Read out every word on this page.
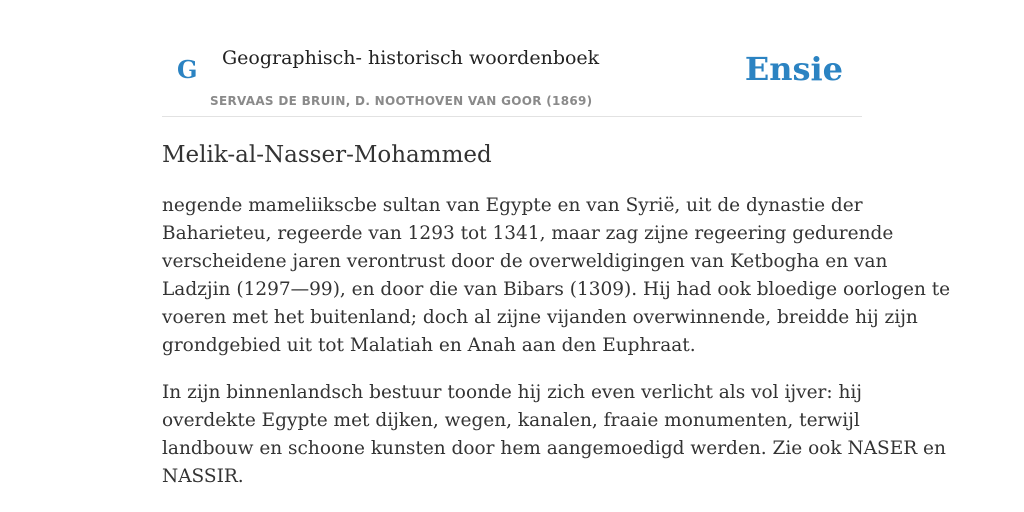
G Geographisch- historisch woordenboek
SERVAAS DE BRUIN, D. NOOTHOVEN VAN GOOR (1869)
Ensie
Melik-al-Nasser-Mohammed

negende mameliikscbe sultan van Egypte en van Syrië, uit de dynastie der
Baharieteu, regeerde van 1293 tot 1341, maar zag zijne regeering gedurende
verscheidene jaren verontrust door de overweldigingen van Ketbogha en van
Ladzjin (1297—99), en door die van Bibars (1309). Hij had ook bloedige oorlogen te
voeren met het buitenland; doch al zijne vijanden overwinnende, breidde hij zijn
grondgebied uit tot Malatiah en Anah aan den Euphraat.

In zijn binnenlandsch bestuur toonde hij zich even verlicht als vol ijver: hij
overdekte Egypte met dijken, wegen, kanalen, fraaie monumenten, terwijl
landbouw en schoone kunsten door hem aangemoedigd werden. Zie ook NASER en
NASSIR.
